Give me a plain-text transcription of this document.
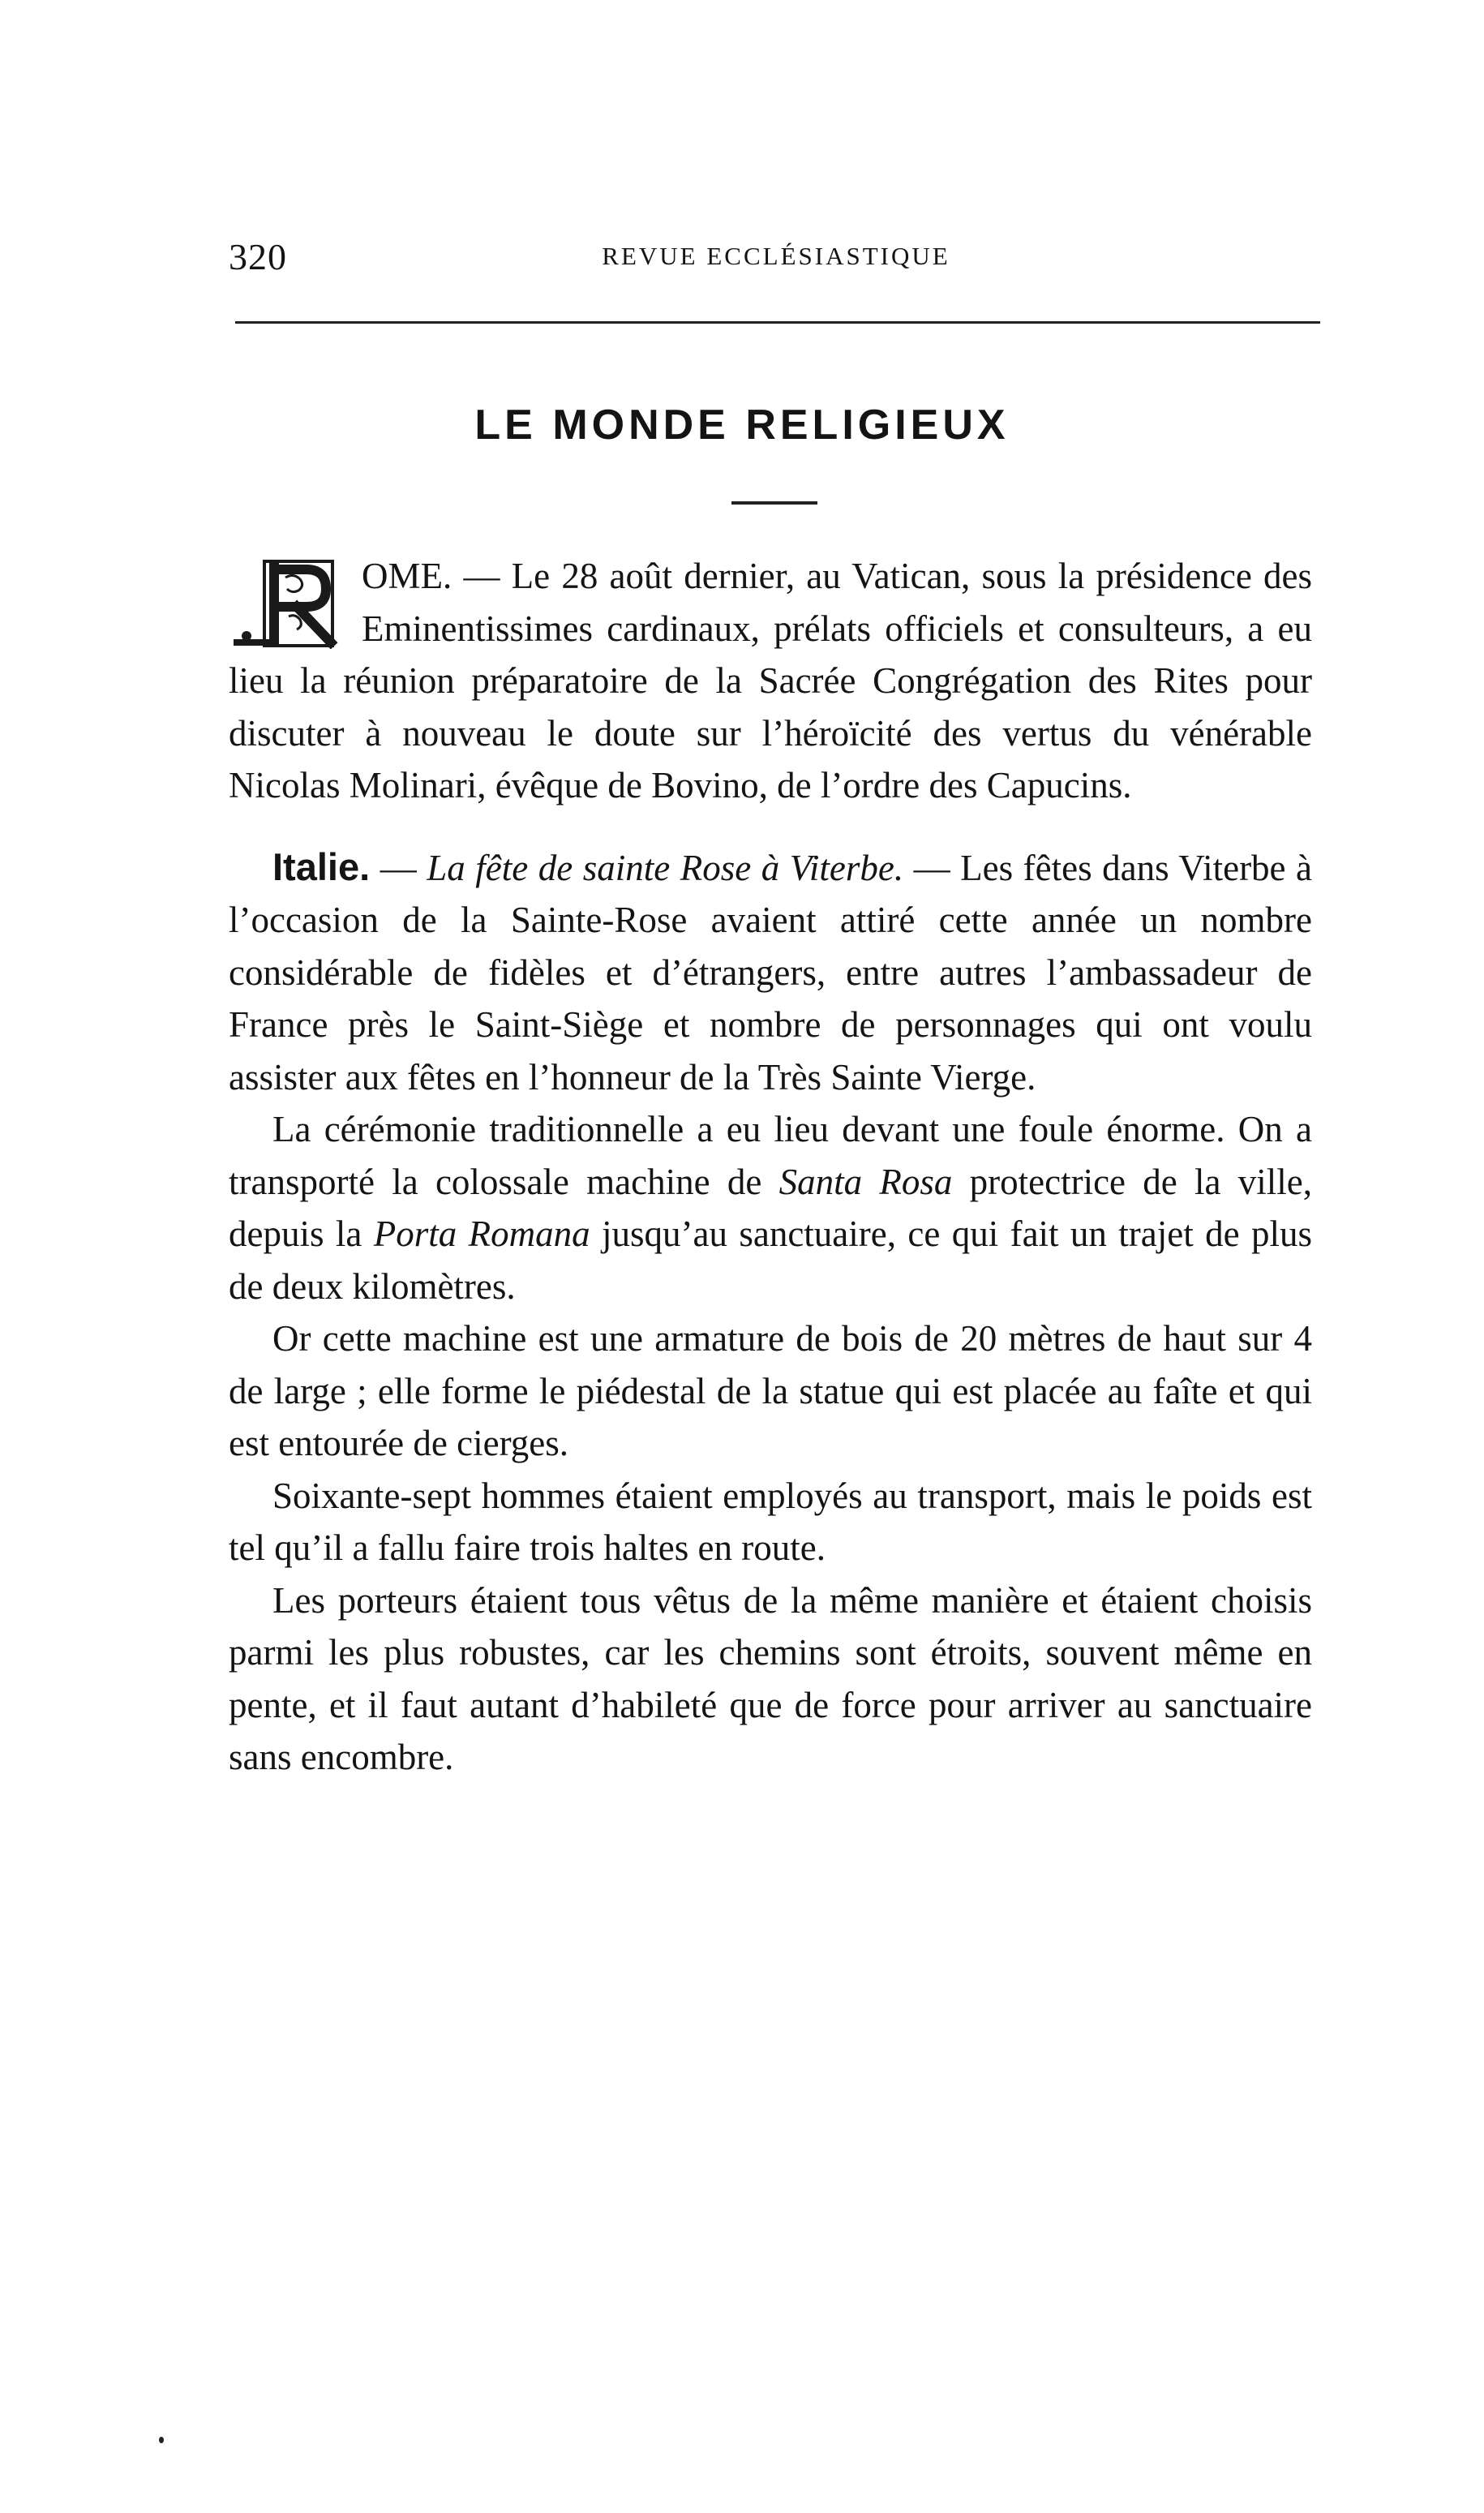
320	REVUE ECCLÉSIASTIQUE
LE MONDE RELIGIEUX

OME. — Le 28 août dernier, au Vatican, sous la présidence des Eminentissimes cardinaux, prélats officiels et consulteurs, a eu lieu la réunion préparatoire de la Sacrée Congrégation des Rites pour discuter à nouveau le doute sur l’héroïcité des vertus du vénérable Nicolas Molinari, évêque de Bovino, de l’ordre des Capucins.

Italie. — La fête de sainte Rose à Viterbe. — Les fêtes dans Viterbe à l’occasion de la Sainte-Rose avaient attiré cette année un nombre considérable de fidèles et d’étrangers, entre autres l’ambassadeur de France près le Saint-Siège et nombre de personnages qui ont voulu assister aux fêtes en l’honneur de la Très Sainte Vierge.

La cérémonie traditionnelle a eu lieu devant une foule énorme. On a transporté la colossale machine de Santa Rosa protectrice de la ville, depuis la Porta Romana jusqu’au sanctuaire, ce qui fait un trajet de plus de deux kilomètres.

Or cette machine est une armature de bois de 20 mètres de haut sur 4 de large ; elle forme le piédestal de la statue qui est placée au faîte et qui est entourée de cierges.

Soixante-sept hommes étaient employés au transport, mais le poids est tel qu’il a fallu faire trois haltes en route.

Les porteurs étaient tous vêtus de la même manière et étaient choisis parmi les plus robustes, car les chemins sont étroits, souvent même en pente, et il faut autant d’habileté que de force pour arriver au sanctuaire sans encombre.
